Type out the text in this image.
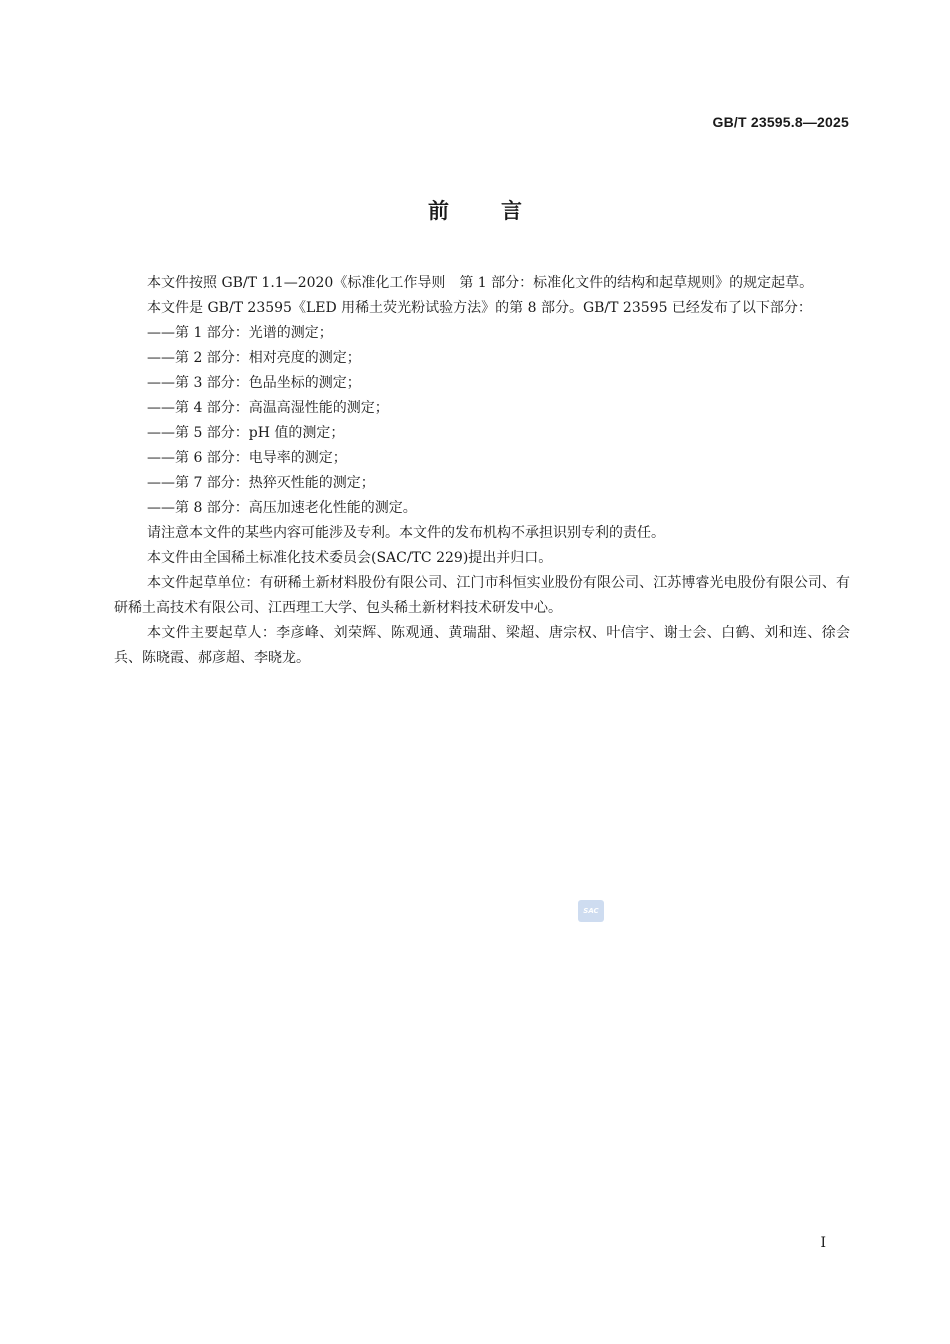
GB/T 23595.8—2025
前 言

本文件按照 GB/T 1.1—2020《标准化工作导则　第 1 部分：标准化文件的结构和起草规则》的规定起草。

本文件是 GB/T 23595《LED 用稀土荧光粉试验方法》的第 8 部分。GB/T 23595 已经发布了以下部分：

——第 1 部分：光谱的测定；
——第 2 部分：相对亮度的测定；
——第 3 部分：色品坐标的测定；
——第 4 部分：高温高湿性能的测定；
——第 5 部分：pH 值的测定；
——第 6 部分：电导率的测定；
——第 7 部分：热猝灭性能的测定；
——第 8 部分：高压加速老化性能的测定。

请注意本文件的某些内容可能涉及专利。本文件的发布机构不承担识别专利的责任。

本文件由全国稀土标准化技术委员会(SAC/TC 229)提出并归口。

本文件起草单位：有研稀土新材料股份有限公司、江门市科恒实业股份有限公司、江苏博睿光电股份有限公司、有研稀土高技术有限公司、江西理工大学、包头稀土新材料技术研发中心。

本文件主要起草人：李彦峰、刘荣辉、陈观通、黄瑞甜、梁超、唐宗权、叶信宇、谢士会、白鹤、刘和连、徐会兵、陈晓霞、郝彦超、李晓龙。

SAC
I
